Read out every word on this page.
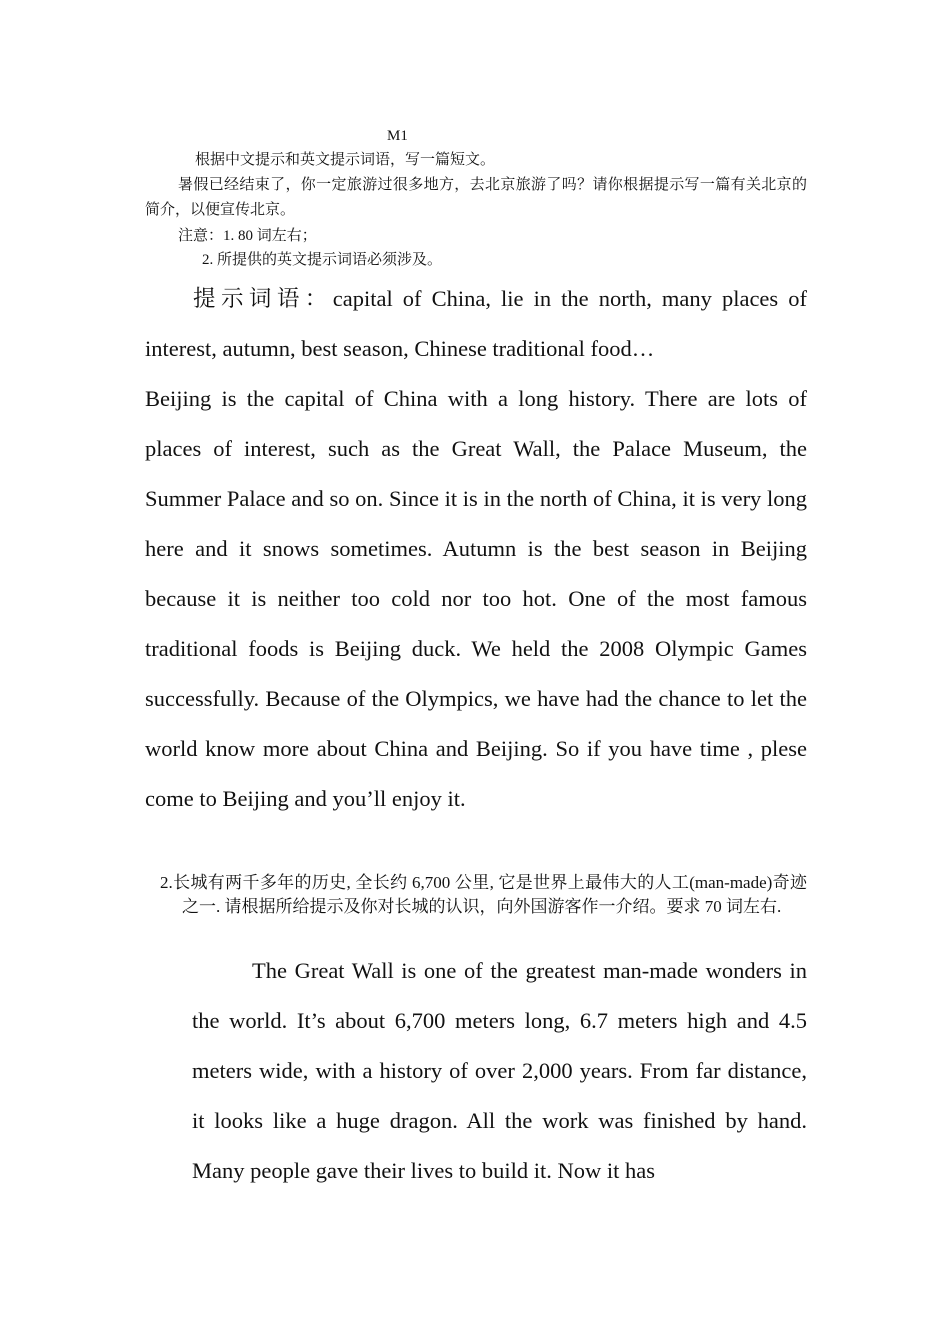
M1
根据中文提示和英文提示词语，写一篇短文。
暑假已经结束了，你一定旅游过很多地方，去北京旅游了吗？请你根据提示写一篇有关北京的简介，以便宣传北京。
注意：1. 80 词左右；
2. 所提供的英文提示词语必须涉及。
提示词语：capital of China, lie in the north, many places of interest, autumn, best season, Chinese traditional food…
Beijing is the capital of China with a long history. There are lots of places of interest, such as the Great Wall, the Palace Museum, the Summer Palace and so on. Since it is in the north of China, it is very long here and it snows sometimes. Autumn is the best season in Beijing because it is neither too cold nor too hot. One of the most famous traditional foods is Beijing duck. We held the 2008 Olympic Games successfully. Because of the Olympics, we have had the chance to let the world know more about China and Beijing. So if you have time , plese come to Beijing and you’ll enjoy it.
2.长城有两千多年的历史, 全长约 6,700 公里, 它是世界上最伟大的人工(man-made)奇迹之一. 请根据所给提示及你对长城的认识，向外国游客作一介绍。要求 70 词左右.
The Great Wall is one of the greatest man-made wonders in the world. It’s about 6,700 meters long, 6.7 meters high and 4.5 meters wide, with a history of over 2,000 years. From far distance, it looks like a huge dragon. All the work was finished by hand. Many people gave their lives to build it. Now it has
